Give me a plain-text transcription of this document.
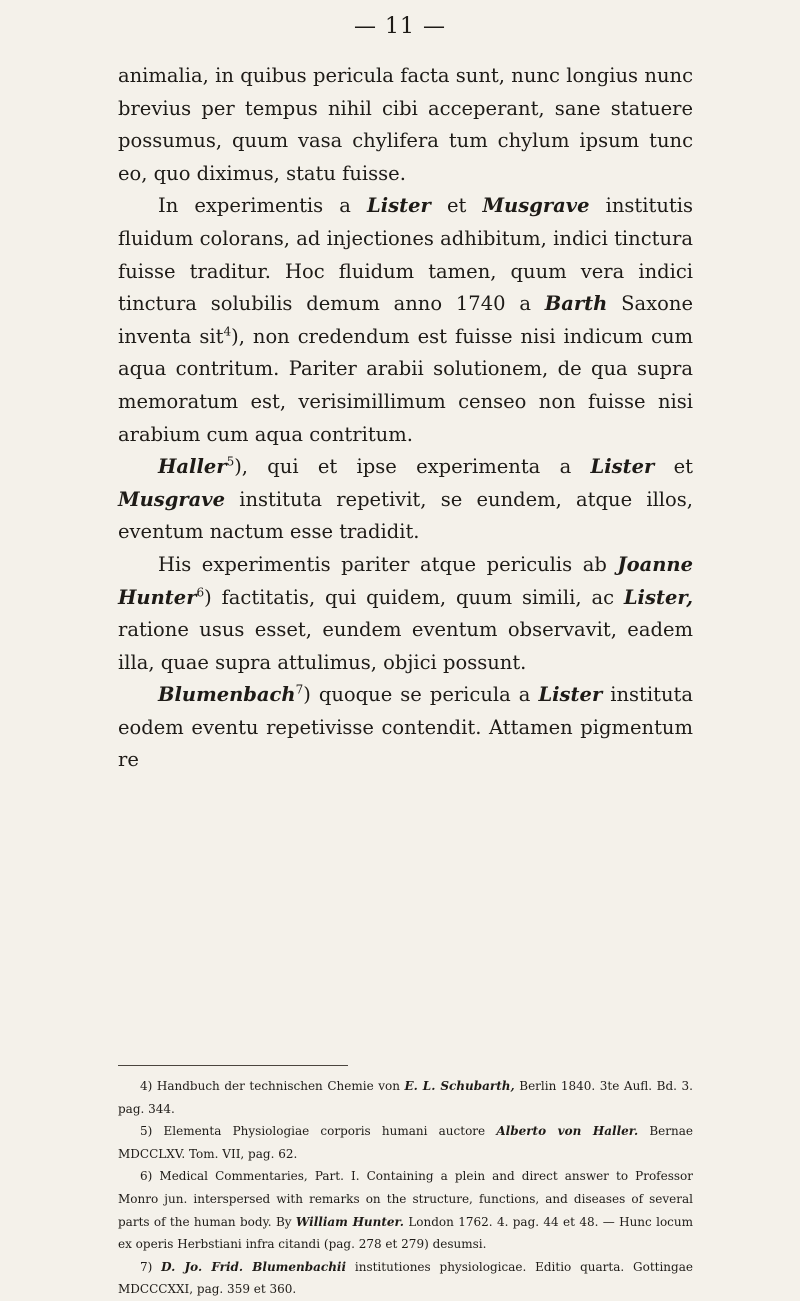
— 11 —

animalia, in quibus pericula facta sunt, nunc longius nunc brevius per tempus nihil cibi acceperant, sane statuere possumus, quum vasa chylifera tum chylum ipsum tunc eo, quo diximus, statu fuisse.

In experimentis a Lister et Musgrave institutis fluidum colorans, ad injectiones adhibitum, indici tinctura fuisse traditur. Hoc fluidum tamen, quum vera indici tinctura solubilis demum anno 1740 a Barth Saxone inventa sit$^4$), non credendum est fuisse nisi indicum cum aqua contritum. Pariter arabii solutionem, de qua supra memoratum est, verisimillimum censeo non fuisse nisi arabium cum aqua contritum.

Haller$^5$), qui et ipse experimenta a Lister et Musgrave instituta repetivit, se eundem, atque illos, eventum nactum esse tradidit.

His experimentis pariter atque periculis ab Joanne Hunter$^6$) factitatis, qui quidem, quum simili, ac Lister, ratione usus esset, eundem eventum observavit, eadem illa, quae supra attulimus, objici possunt.

Blumenbach$^7$) quoque se pericula a Lister instituta eodem eventu repetivisse contendit. Attamen pigmentum re

4) Handbuch der technischen Chemie von E. L. Schubarth, Berlin 1840. 3te Aufl. Bd. 3. pag. 344.

5) Elementa Physiologiae corporis humani auctore Alberto von Haller. Bernae MDCCLXV. Tom. VII, pag. 62.

6) Medical Commentaries, Part. I. Containing a plein and direct answer to Professor Monro jun. interspersed with remarks on the structure, functions, and diseases of several parts of the human body. By William Hunter. London 1762. 4. pag. 44 et 48. — Hunc locum ex operis Herbstiani infra citandi (pag. 278 et 279) desumsi.

7) D. Jo. Frid. Blumenbachii institutiones physiologicae. Editio quarta. Gottingae MDCCCXXI, pag. 359 et 360.
